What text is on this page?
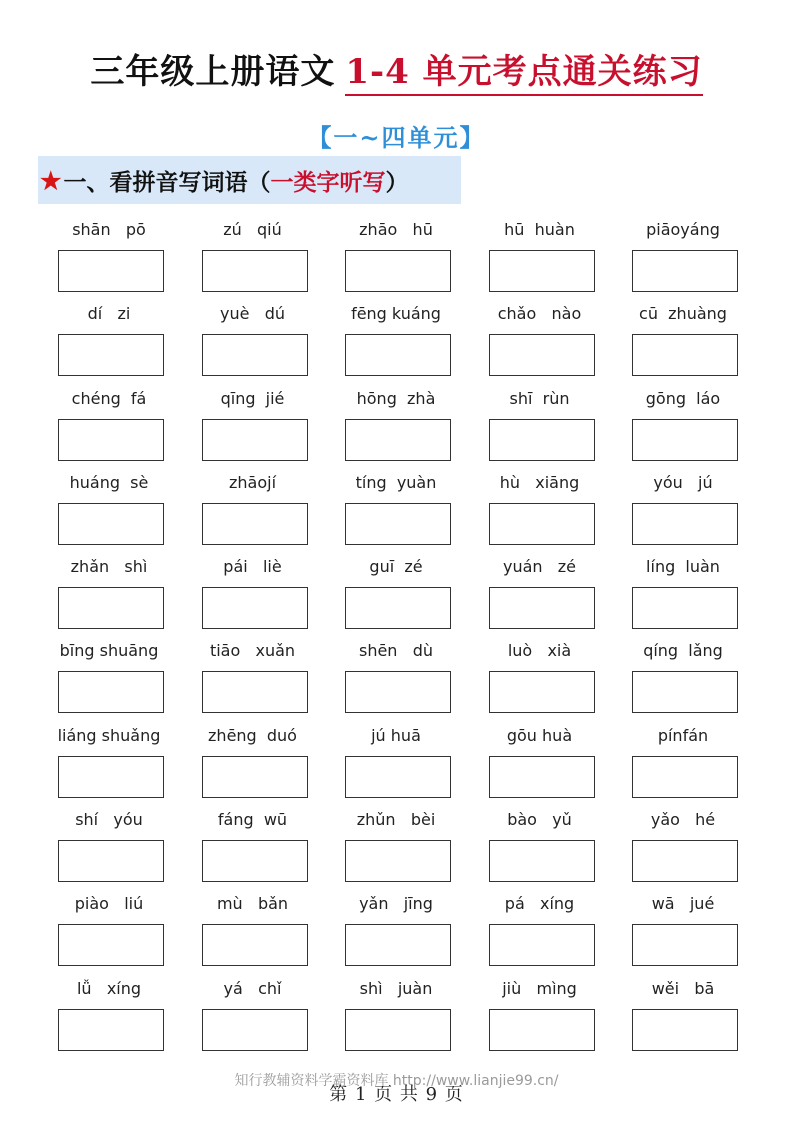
三年级上册语文 1-4 单元考点通关练习
【一~四单元】
★ 一、看拼音写词语（ 一类字听写 ）
shān   pō	zú   qiú	zhāo   hū	hū  huàn	piāoyáng
dí   zi	yuè   dú	fēng kuáng	chǎo   nào	cū  zhuàng
chéng  fá	qīng  jié	hōng  zhà	shī  rùn	gōng  láo
huáng  sè	zhāojí	tíng  yuàn	hù   xiāng	yóu   jú
zhǎn   shì	pái   liè	guī  zé	yuán   zé	líng  luàn
bīng shuāng	tiāo   xuǎn	shēn   dù	luò   xià	qíng  lǎng
liáng shuǎng	zhēng  duó	jú huā	gōu huà	pínfán
shí   yóu	fáng  wū	zhǔn   bèi	bào   yǔ	yǎo   hé
piào   liú	mù   bǎn	yǎn   jīng	pá   xíng	wā   jué
lǚ   xíng	yá   chǐ	shì   juàn	jiù   mìng	wěi   bā
知行教辅资料学霸资料库 http://www.lianjie99.cn/
第 1 页 共 9 页
